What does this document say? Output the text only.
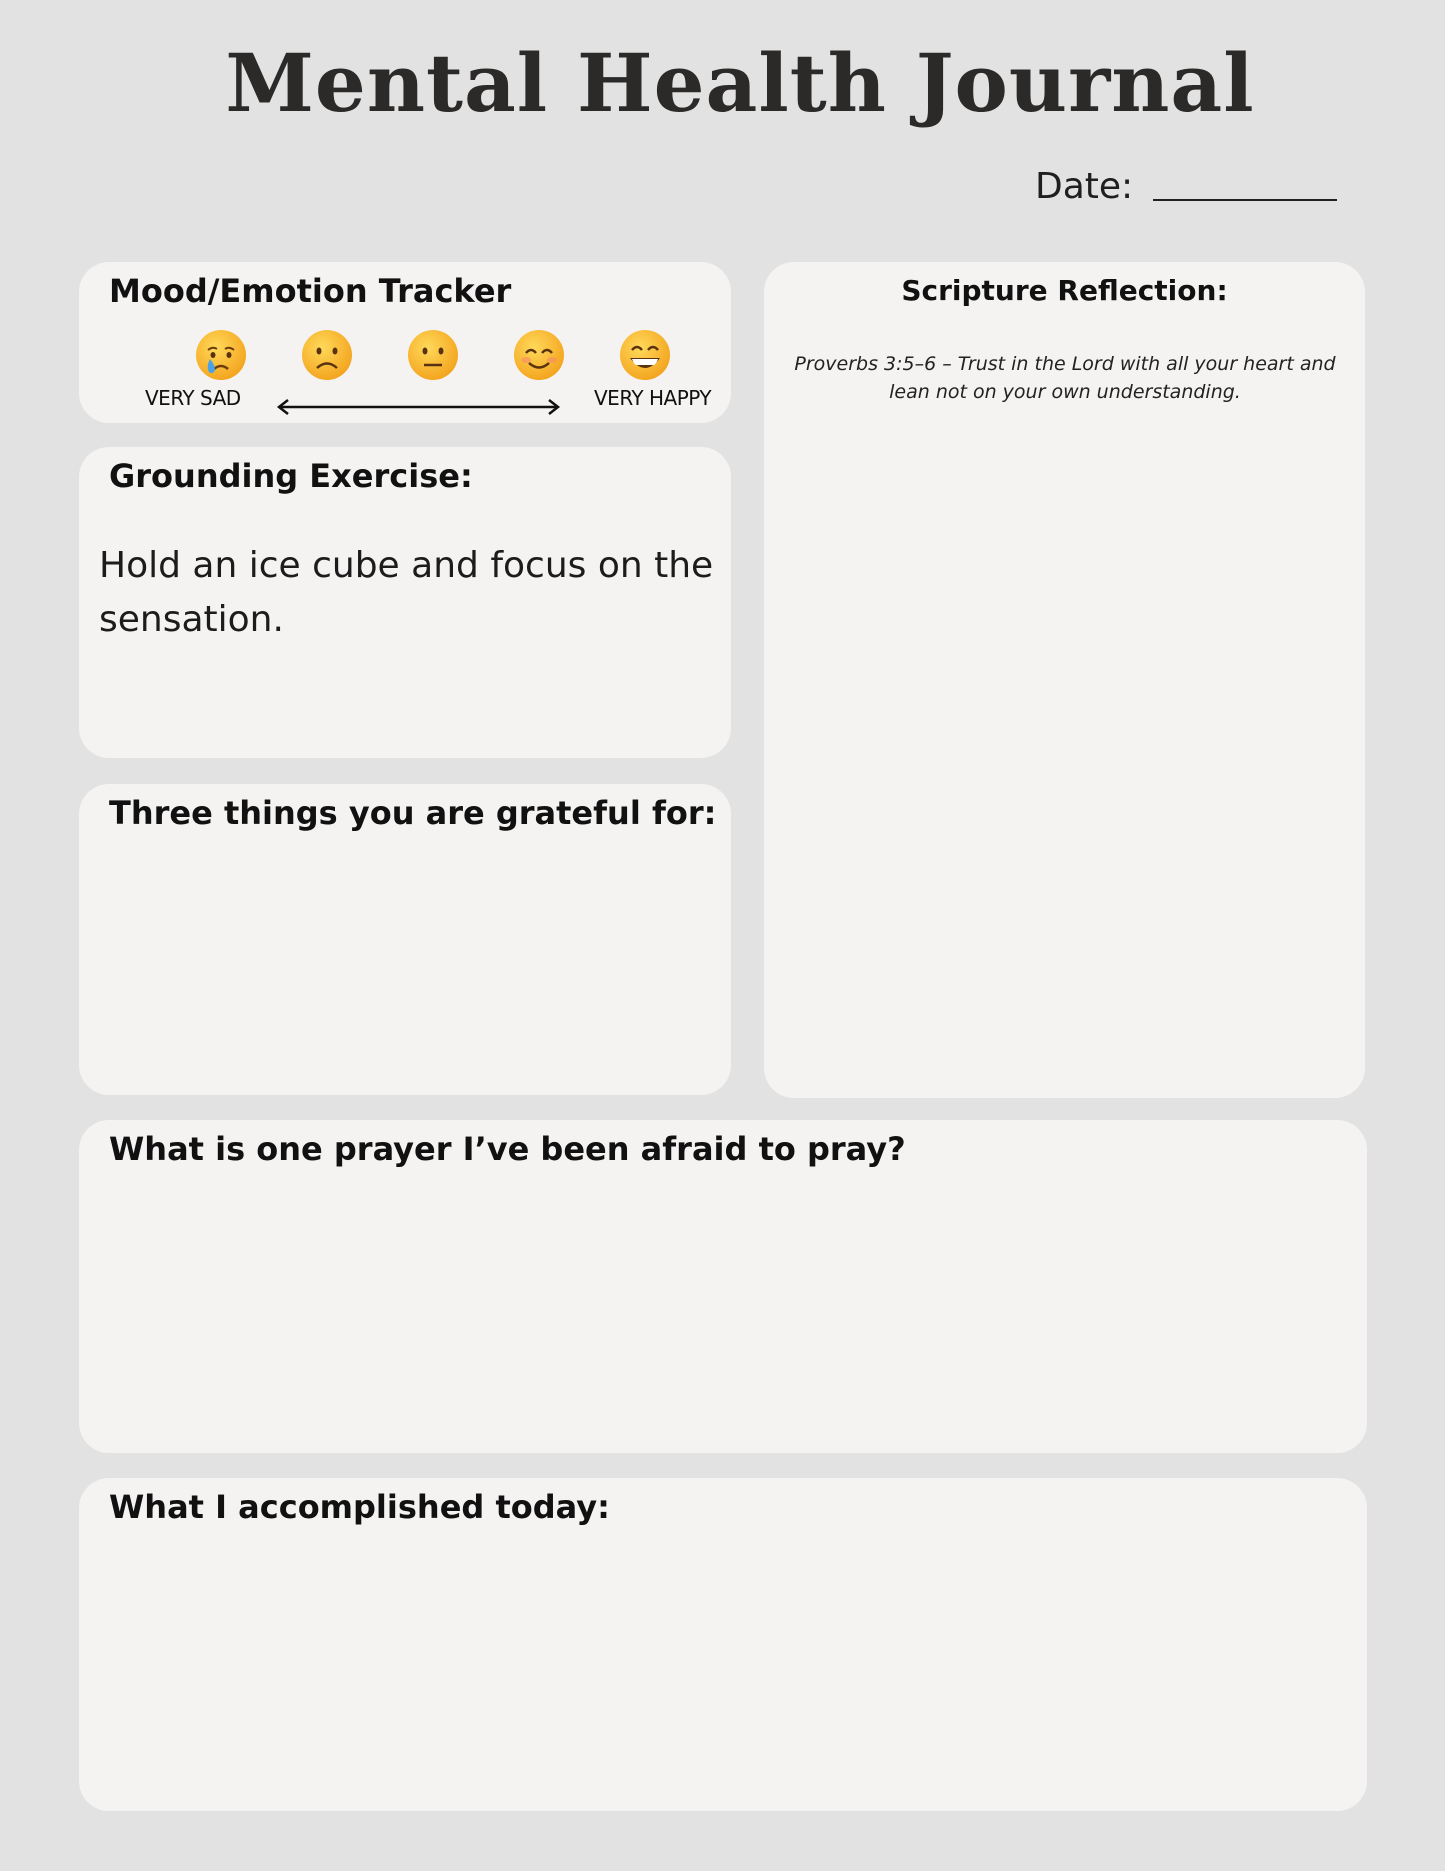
Mental Health Journal
Date:
Mood/Emotion Tracker
VERY SAD	VERY HAPPY
Grounding Exercise:
Hold an ice cube and focus on the sensation.
Three things you are grateful for:
Scripture Reflection:
Proverbs 3:5–6 – Trust in the Lord with all your heart and lean not on your own understanding.
What is one prayer I’ve been afraid to pray?
What I accomplished today:
